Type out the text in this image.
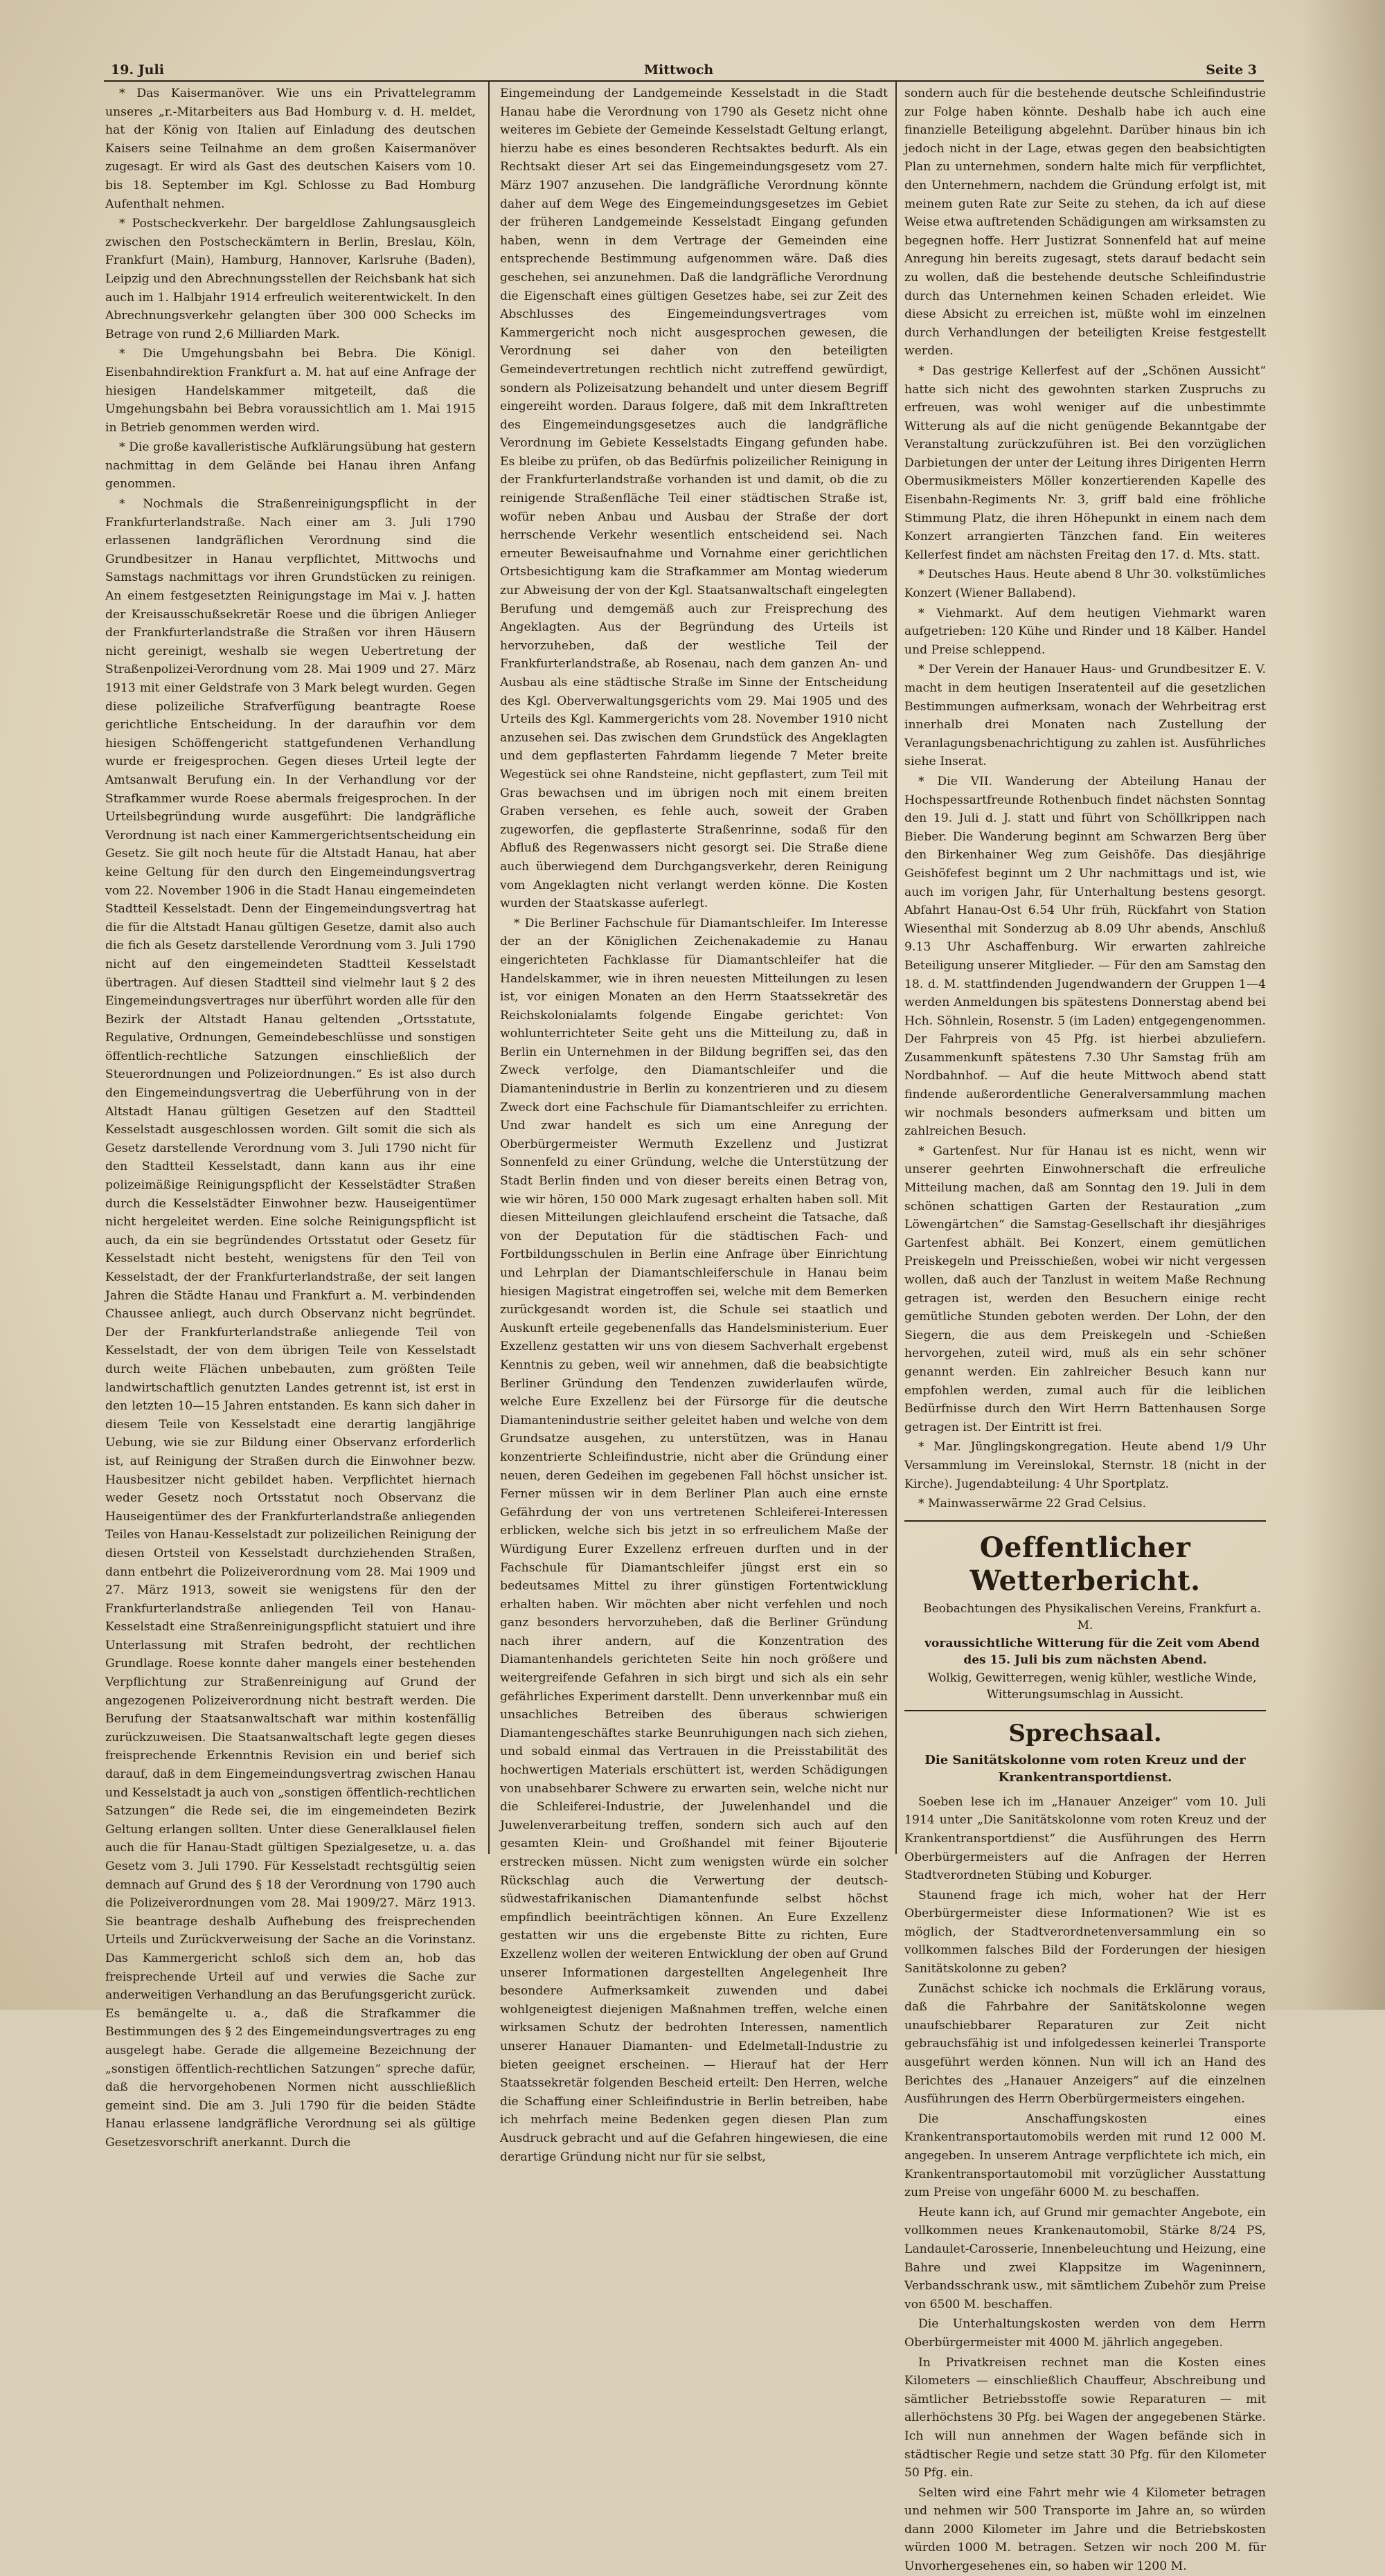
19. Juli	Mittwoch	Seite 3

* Das Kaisermanöver. Wie uns ein Privattelegramm unseres „r.-Mitarbeiters aus Bad Homburg v. d. H. meldet, hat der König von Italien auf Einladung des deutschen Kaisers seine Teilnahme an dem großen Kaisermanöver zugesagt. Er wird als Gast des deutschen Kaisers vom 10. bis 18. September im Kgl. Schlosse zu Bad Homburg Aufenthalt nehmen.

* Postscheckverkehr. Der bargeldlose Zahlungsausgleich zwischen den Postscheckämtern in Berlin, Breslau, Köln, Frankfurt (Main), Hamburg, Hannover, Karlsruhe (Baden), Leipzig und den Abrechnungsstellen der Reichsbank hat sich auch im 1. Halbjahr 1914 erfreulich weiterentwickelt. In den Abrechnungsverkehr gelangten über 300 000 Schecks im Betrage von rund 2,6 Milliarden Mark.

* Die Umgehungsbahn bei Bebra. Die Königl. Eisenbahndirektion Frankfurt a. M. hat auf eine Anfrage der hiesigen Handelskammer mitgeteilt, daß die Umgehungsbahn bei Bebra voraussichtlich am 1. Mai 1915 in Betrieb genommen werden wird.

* Die große kavalleristische Aufklärungsübung hat gestern nachmittag in dem Gelände bei Hanau ihren Anfang genommen.

* Nochmals die Straßenreinigungspflicht in der Frankfurterlandstraße. Nach einer am 3. Juli 1790 erlassenen landgräflichen Verordnung sind die Grundbesitzer in Hanau verpflichtet, Mittwochs und Samstags nachmittags vor ihren Grundstücken zu reinigen. An einem festgesetzten Reinigungstage im Mai v. J. hatten der Kreisausschußsekretär Roese und die übrigen Anlieger der Frankfurterlandstraße die Straßen vor ihren Häusern nicht gereinigt, weshalb sie wegen Uebertretung der Straßenpolizei-Verordnung vom 28. Mai 1909 und 27. März 1913 mit einer Geldstrafe von 3 Mark belegt wurden. Gegen diese polizeiliche Strafverfügung beantragte Roese gerichtliche Entscheidung. In der daraufhin vor dem hiesigen Schöffengericht stattgefundenen Verhandlung wurde er freigesprochen. Gegen dieses Urteil legte der Amtsanwalt Berufung ein. In der Verhandlung vor der Strafkammer wurde Roese abermals freigesprochen. In der Urteilsbegründung wurde ausgeführt: Die landgräfliche Verordnung ist nach einer Kammergerichtsentscheidung ein Gesetz. Sie gilt noch heute für die Altstadt Hanau, hat aber keine Geltung für den durch den Eingemeindungsvertrag vom 22. November 1906 in die Stadt Hanau eingemeindeten Stadtteil Kesselstadt. Denn der Eingemeindungsvertrag hat die für die Altstadt Hanau gültigen Gesetze, damit also auch die fich als Gesetz darstellende Verordnung vom 3. Juli 1790 nicht auf den eingemeindeten Stadtteil Kesselstadt übertragen. Auf diesen Stadtteil sind vielmehr laut § 2 des Eingemeindungsvertrages nur überführt worden alle für den Bezirk der Altstadt Hanau geltenden „Ortsstatute, Regulative, Ordnungen, Gemeindebeschlüsse und sonstigen öffentlich-rechtliche Satzungen einschließlich der Steuerordnungen und Polizeiordnungen.“ Es ist also durch den Eingemeindungsvertrag die Ueberführung von in der Altstadt Hanau gültigen Gesetzen auf den Stadtteil Kesselstadt ausgeschlossen worden. Gilt somit die sich als Gesetz darstellende Verordnung vom 3. Juli 1790 nicht für den Stadtteil Kesselstadt, dann kann aus ihr eine polizeimäßige Reinigungspflicht der Kesselstädter Straßen durch die Kesselstädter Einwohner bezw. Hauseigentümer nicht hergeleitet werden. Eine solche Reinigungspflicht ist auch, da ein sie begründendes Ortsstatut oder Gesetz für Kesselstadt nicht besteht, wenigstens für den Teil von Kesselstadt, der der Frankfurterlandstraße, der seit langen Jahren die Städte Hanau und Frankfurt a. M. verbindenden Chaussee anliegt, auch durch Observanz nicht begründet. Der der Frankfurterlandstraße anliegende Teil von Kesselstadt, der von dem übrigen Teile von Kesselstadt durch weite Flächen unbebauten, zum größten Teile landwirtschaftlich genutzten Landes getrennt ist, ist erst in den letzten 10—15 Jahren entstanden. Es kann sich daher in diesem Teile von Kesselstadt eine derartig langjährige Uebung, wie sie zur Bildung einer Observanz erforderlich ist, auf Reinigung der Straßen durch die Einwohner bezw. Hausbesitzer nicht gebildet haben. Verpflichtet hiernach weder Gesetz noch Ortsstatut noch Observanz die Hauseigentümer des der Frankfurterlandstraße anliegenden Teiles von Hanau-Kesselstadt zur polizeilichen Reinigung der diesen Ortsteil von Kesselstadt durchziehenden Straßen, dann entbehrt die Polizeiverordnung vom 28. Mai 1909 und 27. März 1913, soweit sie wenigstens für den der Frankfurterlandstraße anliegenden Teil von Hanau-Kesselstadt eine Straßenreinigungspflicht statuiert und ihre Unterlassung mit Strafen bedroht, der rechtlichen Grundlage. Roese konnte daher mangels einer bestehenden Verpflichtung zur Straßenreinigung auf Grund der angezogenen Polizeiverordnung nicht bestraft werden. Die Berufung der Staatsanwaltschaft war mithin kostenfällig zurückzuweisen. Die Staatsanwaltschaft legte gegen dieses freisprechende Erkenntnis Revision ein und berief sich darauf, daß in dem Eingemeindungsvertrag zwischen Hanau und Kesselstadt ja auch von „sonstigen öffentlich-rechtlichen Satzungen“ die Rede sei, die im eingemeindeten Bezirk Geltung erlangen sollten. Unter diese Generalklausel fielen auch die für Hanau-Stadt gültigen Spezialgesetze, u. a. das Gesetz vom 3. Juli 1790. Für Kesselstadt rechtsgültig seien demnach auf Grund des § 18 der Verordnung von 1790 auch die Polizeiverordnungen vom 28. Mai 1909/27. März 1913. Sie beantrage deshalb Aufhebung des freisprechenden Urteils und Zurückverweisung der Sache an die Vorinstanz. Das Kammergericht schloß sich dem an, hob das freisprechende Urteil auf und verwies die Sache zur anderweitigen Verhandlung an das Berufungsgericht zurück. Es bemängelte u. a., daß die Strafkammer die Bestimmungen des § 2 des Eingemeindungsvertrages zu eng ausgelegt habe. Gerade die allgemeine Bezeichnung der „sonstigen öffentlich-rechtlichen Satzungen“ spreche dafür, daß die hervorgehobenen Normen nicht ausschließlich gemeint sind. Die am 3. Juli 1790 für die beiden Städte Hanau erlassene landgräfliche Verordnung sei als gültige Gesetzesvorschrift anerkannt. Durch die

Eingemeindung der Landgemeinde Kesselstadt in die Stadt Hanau habe die Verordnung von 1790 als Gesetz nicht ohne weiteres im Gebiete der Gemeinde Kesselstadt Geltung erlangt, hierzu habe es eines besonderen Rechtsaktes bedurft. Als ein Rechtsakt dieser Art sei das Eingemeindungsgesetz vom 27. März 1907 anzusehen. Die landgräfliche Verordnung könnte daher auf dem Wege des Eingemeindungsgesetzes im Gebiet der früheren Landgemeinde Kesselstadt Eingang gefunden haben, wenn in dem Vertrage der Gemeinden eine entsprechende Bestimmung aufgenommen wäre. Daß dies geschehen, sei anzunehmen. Daß die landgräfliche Verordnung die Eigenschaft eines gültigen Gesetzes habe, sei zur Zeit des Abschlusses des Eingemeindungsvertrages vom Kammergericht noch nicht ausgesprochen gewesen, die Verordnung sei daher von den beteiligten Gemeindevertretungen rechtlich nicht zutreffend gewürdigt, sondern als Polizeisatzung behandelt und unter diesem Begriff eingereiht worden. Daraus folgere, daß mit dem Inkrafttreten des Eingemeindungsgesetzes auch die landgräfliche Verordnung im Gebiete Kesselstadts Eingang gefunden habe. Es bleibe zu prüfen, ob das Bedürfnis polizeilicher Reinigung in der Frankfurterlandstraße vorhanden ist und damit, ob die zu reinigende Straßenfläche Teil einer städtischen Straße ist, wofür neben Anbau und Ausbau der Straße der dort herrschende Verkehr wesentlich entscheidend sei. Nach erneuter Beweisaufnahme und Vornahme einer gerichtlichen Ortsbesichtigung kam die Strafkammer am Montag wiederum zur Abweisung der von der Kgl. Staatsanwaltschaft eingelegten Berufung und demgemäß auch zur Freisprechung des Angeklagten. Aus der Begründung des Urteils ist hervorzuheben, daß der westliche Teil der Frankfurterlandstraße, ab Rosenau, nach dem ganzen An- und Ausbau als eine städtische Straße im Sinne der Entscheidung des Kgl. Oberverwaltungsgerichts vom 29. Mai 1905 und des Urteils des Kgl. Kammergerichts vom 28. November 1910 nicht anzusehen sei. Das zwischen dem Grundstück des Angeklagten und dem gepflasterten Fahrdamm liegende 7 Meter breite Wegestück sei ohne Randsteine, nicht gepflastert, zum Teil mit Gras bewachsen und im übrigen noch mit einem breiten Graben versehen, es fehle auch, soweit der Graben zugeworfen, die gepflasterte Straßenrinne, sodaß für den Abfluß des Regenwassers nicht gesorgt sei. Die Straße diene auch überwiegend dem Durchgangsverkehr, deren Reinigung vom Angeklagten nicht verlangt werden könne. Die Kosten wurden der Staatskasse auferlegt.

* Die Berliner Fachschule für Diamantschleifer. Im Interesse der an der Königlichen Zeichenakademie zu Hanau eingerichteten Fachklasse für Diamantschleifer hat die Handelskammer, wie in ihren neuesten Mitteilungen zu lesen ist, vor einigen Monaten an den Herrn Staatssekretär des Reichskolonialamts folgende Eingabe gerichtet: Von wohlunterrichteter Seite geht uns die Mitteilung zu, daß in Berlin ein Unternehmen in der Bildung begriffen sei, das den Zweck verfolge, den Diamantschleifer und die Diamantenindustrie in Berlin zu konzentrieren und zu diesem Zweck dort eine Fachschule für Diamantschleifer zu errichten. Und zwar handelt es sich um eine Anregung der Oberbürgermeister Wermuth Exzellenz und Justizrat Sonnenfeld zu einer Gründung, welche die Unterstützung der Stadt Berlin finden und von dieser bereits einen Betrag von, wie wir hören, 150 000 Mark zugesagt erhalten haben soll. Mit diesen Mitteilungen gleichlaufend erscheint die Tatsache, daß von der Deputation für die städtischen Fach- und Fortbildungsschulen in Berlin eine Anfrage über Einrichtung und Lehrplan der Diamantschleiferschule in Hanau beim hiesigen Magistrat eingetroffen sei, welche mit dem Bemerken zurückgesandt worden ist, die Schule sei staatlich und Auskunft erteile gegebenenfalls das Handelsministerium. Euer Exzellenz gestatten wir uns von diesem Sachverhalt ergebenst Kenntnis zu geben, weil wir annehmen, daß die beabsichtigte Berliner Gründung den Tendenzen zuwiderlaufen würde, welche Eure Exzellenz bei der Fürsorge für die deutsche Diamantenindustrie seither geleitet haben und welche von dem Grundsatze ausgehen, zu unterstützen, was in Hanau konzentrierte Schleifindustrie, nicht aber die Gründung einer neuen, deren Gedeihen im gegebenen Fall höchst unsicher ist. Ferner müssen wir in dem Berliner Plan auch eine ernste Gefährdung der von uns vertretenen Schleiferei-Interessen erblicken, welche sich bis jetzt in so erfreulichem Maße der Würdigung Eurer Exzellenz erfreuen durften und in der Fachschule für Diamantschleifer jüngst erst ein so bedeutsames Mittel zu ihrer günstigen Fortentwicklung erhalten haben. Wir möchten aber nicht verfehlen und noch ganz besonders hervorzuheben, daß die Berliner Gründung nach ihrer andern, auf die Konzentration des Diamantenhandels gerichteten Seite hin noch größere und weitergreifende Gefahren in sich birgt und sich als ein sehr gefährliches Experiment darstellt. Denn unverkennbar muß ein unsachliches Betreiben des überaus schwierigen Diamantengeschäftes starke Beunruhigungen nach sich ziehen, und sobald einmal das Vertrauen in die Preisstabilität des hochwertigen Materials erschüttert ist, werden Schädigungen von unabsehbarer Schwere zu erwarten sein, welche nicht nur die Schleiferei-Industrie, der Juwelenhandel und die Juwelenverarbeitung treffen, sondern sich auch auf den gesamten Klein- und Großhandel mit feiner Bijouterie erstrecken müssen. Nicht zum wenigsten würde ein solcher Rückschlag auch die Verwertung der deutsch-südwestafrikanischen Diamantenfunde selbst höchst empfindlich beeinträchtigen können. An Eure Exzellenz gestatten wir uns die ergebenste Bitte zu richten, Eure Exzellenz wollen der weiteren Entwicklung der oben auf Grund unserer Informationen dargestellten Angelegenheit Ihre besondere Aufmerksamkeit zuwenden und dabei wohlgeneigtest diejenigen Maßnahmen treffen, welche einen wirksamen Schutz der bedrohten Interessen, namentlich unserer Hanauer Diamanten- und Edelmetall-Industrie zu bieten geeignet erscheinen. — Hierauf hat der Herr Staatssekretär folgenden Bescheid erteilt: Den Herren, welche die Schaffung einer Schleifindustrie in Berlin betreiben, habe ich mehrfach meine Bedenken gegen diesen Plan zum Ausdruck gebracht und auf die Gefahren hingewiesen, die eine derartige Gründung nicht nur für sie selbst,

sondern auch für die bestehende deutsche Schleifindustrie zur Folge haben könnte. Deshalb habe ich auch eine finanzielle Beteiligung abgelehnt. Darüber hinaus bin ich jedoch nicht in der Lage, etwas gegen den beabsichtigten Plan zu unternehmen, sondern halte mich für verpflichtet, den Unternehmern, nachdem die Gründung erfolgt ist, mit meinem guten Rate zur Seite zu stehen, da ich auf diese Weise etwa auftretenden Schädigungen am wirksamsten zu begegnen hoffe. Herr Justizrat Sonnenfeld hat auf meine Anregung hin bereits zugesagt, stets darauf bedacht sein zu wollen, daß die bestehende deutsche Schleifindustrie durch das Unternehmen keinen Schaden erleidet. Wie diese Absicht zu erreichen ist, müßte wohl im einzelnen durch Verhandlungen der beteiligten Kreise festgestellt werden.

* Das gestrige Kellerfest auf der „Schönen Aussicht“ hatte sich nicht des gewohnten starken Zuspruchs zu erfreuen, was wohl weniger auf die unbestimmte Witterung als auf die nicht genügende Bekanntgabe der Veranstaltung zurückzuführen ist. Bei den vorzüglichen Darbietungen der unter der Leitung ihres Dirigenten Herrn Obermusikmeisters Möller konzertierenden Kapelle des Eisenbahn-Regiments Nr. 3, griff bald eine fröhliche Stimmung Platz, die ihren Höhepunkt in einem nach dem Konzert arrangierten Tänzchen fand. Ein weiteres Kellerfest findet am nächsten Freitag den 17. d. Mts. statt.

* Deutsches Haus. Heute abend 8 Uhr 30. volkstümliches Konzert (Wiener Ballabend).

* Viehmarkt. Auf dem heutigen Viehmarkt waren aufgetrieben: 120 Kühe und Rinder und 18 Kälber. Handel und Preise schleppend.

* Der Verein der Hanauer Haus- und Grundbesitzer E. V. macht in dem heutigen Inseratenteil auf die gesetzlichen Bestimmungen aufmerksam, wonach der Wehrbeitrag erst innerhalb drei Monaten nach Zustellung der Veranlagungsbenachrichtigung zu zahlen ist. Ausführliches siehe Inserat.

* Die VII. Wanderung der Abteilung Hanau der Hochspessartfreunde Rothenbuch findet nächsten Sonntag den 19. Juli d. J. statt und führt von Schöllkrippen nach Bieber. Die Wanderung beginnt am Schwarzen Berg über den Birkenhainer Weg zum Geishöfe. Das diesjährige Geishöfefest beginnt um 2 Uhr nachmittags und ist, wie auch im vorigen Jahr, für Unterhaltung bestens gesorgt. Abfahrt Hanau-Ost 6.54 Uhr früh, Rückfahrt von Station Wiesenthal mit Sonderzug ab 8.09 Uhr abends, Anschluß 9.13 Uhr Aschaffenburg. Wir erwarten zahlreiche Beteiligung unserer Mitglieder. — Für den am Samstag den 18. d. M. stattfindenden Jugendwandern der Gruppen 1—4 werden Anmeldungen bis spätestens Donnerstag abend bei Hch. Söhnlein, Rosenstr. 5 (im Laden) entgegengenommen. Der Fahrpreis von 45 Pfg. ist hierbei abzuliefern. Zusammenkunft spätestens 7.30 Uhr Samstag früh am Nordbahnhof. — Auf die heute Mittwoch abend statt findende außerordentliche Generalversammlung machen wir nochmals besonders aufmerksam und bitten um zahlreichen Besuch.

* Gartenfest. Nur für Hanau ist es nicht, wenn wir unserer geehrten Einwohnerschaft die erfreuliche Mitteilung machen, daß am Sonntag den 19. Juli in dem schönen schattigen Garten der Restauration „zum Löwengärtchen“ die Samstag-Gesellschaft ihr diesjähriges Gartenfest abhält. Bei Konzert, einem gemütlichen Preiskegeln und Preisschießen, wobei wir nicht vergessen wollen, daß auch der Tanzlust in weitem Maße Rechnung getragen ist, werden den Besuchern einige recht gemütliche Stunden geboten werden. Der Lohn, der den Siegern, die aus dem Preiskegeln und -Schießen hervorgehen, zuteil wird, muß als ein sehr schöner genannt werden. Ein zahlreicher Besuch kann nur empfohlen werden, zumal auch für die leiblichen Bedürfnisse durch den Wirt Herrn Battenhausen Sorge getragen ist. Der Eintritt ist frei.

* Mar. Jünglingskongregation. Heute abend 1/9 Uhr Versammlung im Vereinslokal, Sternstr. 18 (nicht in der Kirche). Jugendabteilung: 4 Uhr Sportplatz.

* Mainwasserwärme 22 Grad Celsius.

Oeffentlicher Wetterbericht.

Beobachtungen des Physikalischen Vereins, Frankfurt a. M.

voraussichtliche Witterung für die Zeit vom Abend des 15. Juli bis zum nächsten Abend.

Wolkig, Gewitterregen, wenig kühler, westliche Winde, Witterungsumschlag in Aussicht.

Sprechsaal.
Die Sanitätskolonne vom roten Kreuz und der Krankentransportdienst.

Soeben lese ich im „Hanauer Anzeiger“ vom 10. Juli 1914 unter „Die Sanitätskolonne vom roten Kreuz und der Krankentransportdienst“ die Ausführungen des Herrn Oberbürgermeisters auf die Anfragen der Herren Stadtverordneten Stübing und Koburger.

Staunend frage ich mich, woher hat der Herr Oberbürgermeister diese Informationen? Wie ist es möglich, der Stadtverordnetenversammlung ein so vollkommen falsches Bild der Forderungen der hiesigen Sanitätskolonne zu geben?

Zunächst schicke ich nochmals die Erklärung voraus, daß die Fahrbahre der Sanitätskolonne wegen unaufschiebbarer Reparaturen zur Zeit nicht gebrauchsfähig ist und infolgedessen keinerlei Transporte ausgeführt werden können. Nun will ich an Hand des Berichtes des „Hanauer Anzeigers“ auf die einzelnen Ausführungen des Herrn Oberbürgermeisters eingehen.

Die Anschaffungskosten eines Krankentransportautomobils werden mit rund 12 000 M. angegeben. In unserem Antrage verpflichtete ich mich, ein Krankentransportautomobil mit vorzüglicher Ausstattung zum Preise von ungefähr 6000 M. zu beschaffen.

Heute kann ich, auf Grund mir gemachter Angebote, ein vollkommen neues Krankenautomobil, Stärke 8/24 PS, Landaulet-Carosserie, Innenbeleuchtung und Heizung, eine Bahre und zwei Klappsitze im Wageninnern, Verbandsschrank usw., mit sämtlichem Zubehör zum Preise von 6500 M. beschaffen.

Die Unterhaltungskosten werden von dem Herrn Oberbürgermeister mit 4000 M. jährlich angegeben.

In Privatkreisen rechnet man die Kosten eines Kilometers — einschließlich Chauffeur, Abschreibung und sämtlicher Betriebsstoffe sowie Reparaturen — mit allerhöchstens 30 Pfg. bei Wagen der angegebenen Stärke. Ich will nun annehmen der Wagen befände sich in städtischer Regie und setze statt 30 Pfg. für den Kilometer 50 Pfg. ein.

Selten wird eine Fahrt mehr wie 4 Kilometer betragen und nehmen wir 500 Transporte im Jahre an, so würden dann 2000 Kilometer im Jahre und die Betriebskosten würden 1000 M. betragen. Setzen wir noch 200 M. für Unvorhergesehenes ein, so haben wir 1200 M.
